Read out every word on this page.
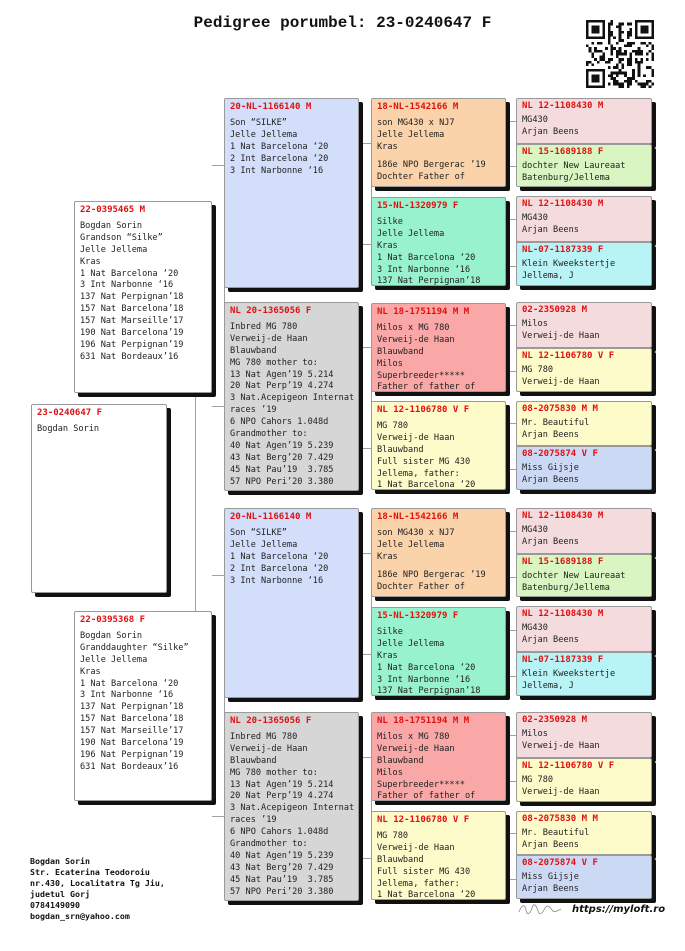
Pedigree porumbel: 23-0240647 F
23-0240647 F
Bogdan Sorin
22-0395465 M
Bogdan Sorin
Grandson “Silke”
Jelle Jellema
Kras
1 Nat Barcelona ‘20
3 Int Narbonne ‘16
137 Nat Perpignan’18
157 Nat Barcelona’18
157 Nat Marseille’17
190 Nat Barcelona’19
196 Nat Perpignan’19
631 Nat Bordeaux’16
22-0395368 F
Bogdan Sorin
Granddaughter “Silke”
Jelle Jellema
Kras
1 Nat Barcelona ‘20
3 Int Narbonne ‘16
137 Nat Perpignan’18
157 Nat Barcelona’18
157 Nat Marseille’17
190 Nat Barcelona’19
196 Nat Perpignan’19
631 Nat Bordeaux’16
20-NL-1166140 M
Son “SILKE”
Jelle Jellema
1 Nat Barcelona ‘20
2 Int Barcelona ‘20
3 Int Narbonne ‘16
NL 20-1365056 F
Inbred MG 780
Verweij-de Haan
Blauwband
MG 780 mother to:
13 Nat Agen’19 5.214
20 Nat Perp’19 4.274
3 Nat.Acepigeon Internat
races ’19
6 NPO Cahors 1.048d
Grandmother to:
40 Nat Agen’19 5.239
43 Nat Berg’20 7.429
45 Nat Pau’19  3.785
57 NPO Peri’20 3.380
20-NL-1166140 M
Son “SILKE”
Jelle Jellema
1 Nat Barcelona ‘20
2 Int Barcelona ‘20
3 Int Narbonne ‘16
NL 20-1365056 F
Inbred MG 780
Verweij-de Haan
Blauwband
MG 780 mother to:
13 Nat Agen’19 5.214
20 Nat Perp’19 4.274
3 Nat.Acepigeon Internat
races ’19
6 NPO Cahors 1.048d
Grandmother to:
40 Nat Agen’19 5.239
43 Nat Berg’20 7.429
45 Nat Pau’19  3.785
57 NPO Peri’20 3.380
18-NL-1542166 M
son MG430 x NJ7
Jelle Jellema
Kras
186e NPO Bergerac ’19
Dochter Father of
15-NL-1320979 F
Silke
Jelle Jellema
Kras
1 Nat Barcelona ‘20
3 Int Narbonne ‘16
137 Nat Perpignan’18
NL 18-1751194 M M
Milos x MG 780
Verweij-de Haan
Blauwband
Milos
Superbreeder*****
Father of father of
NL 12-1106780 V F
MG 780
Verweij-de Haan
Blauwband
Full sister MG 430
Jellema, father:
1 Nat Barcelona ‘20
18-NL-1542166 M
son MG430 x NJ7
Jelle Jellema
Kras
186e NPO Bergerac ’19
Dochter Father of
15-NL-1320979 F
Silke
Jelle Jellema
Kras
1 Nat Barcelona ‘20
3 Int Narbonne ‘16
137 Nat Perpignan’18
NL 18-1751194 M M
Milos x MG 780
Verweij-de Haan
Blauwband
Milos
Superbreeder*****
Father of father of
NL 12-1106780 V F
MG 780
Verweij-de Haan
Blauwband
Full sister MG 430
Jellema, father:
1 Nat Barcelona ‘20
NL 12-1108430 M
MG430
Arjan Beens
NL 15-1689188 F
dochter New Laureaat
Batenburg/Jellema
NL 12-1108430 M
MG430
Arjan Beens
NL-07-1187339 F
Klein Kweekstertje
Jellema, J
02-2350928 M
Milos
Verweij-de Haan
NL 12-1106780 V F
MG 780
Verweij-de Haan
08-2075830 M M
Mr. Beautiful
Arjan Beens
08-2075874 V F
Miss Gijsje
Arjan Beens
NL 12-1108430 M
MG430
Arjan Beens
NL 15-1689188 F
dochter New Laureaat
Batenburg/Jellema
NL 12-1108430 M
MG430
Arjan Beens
NL-07-1187339 F
Klein Kweekstertje
Jellema, J
02-2350928 M
Milos
Verweij-de Haan
NL 12-1106780 V F
MG 780
Verweij-de Haan
08-2075830 M M
Mr. Beautiful
Arjan Beens
08-2075874 V F
Miss Gijsje
Arjan Beens
Bogdan Sorin
Str. Ecaterina Teodoroiu
nr.430, Localitatra Tg Jiu,
judetul Gorj
0784149090
bogdan_srn@yahoo.com
https://myloft.ro
